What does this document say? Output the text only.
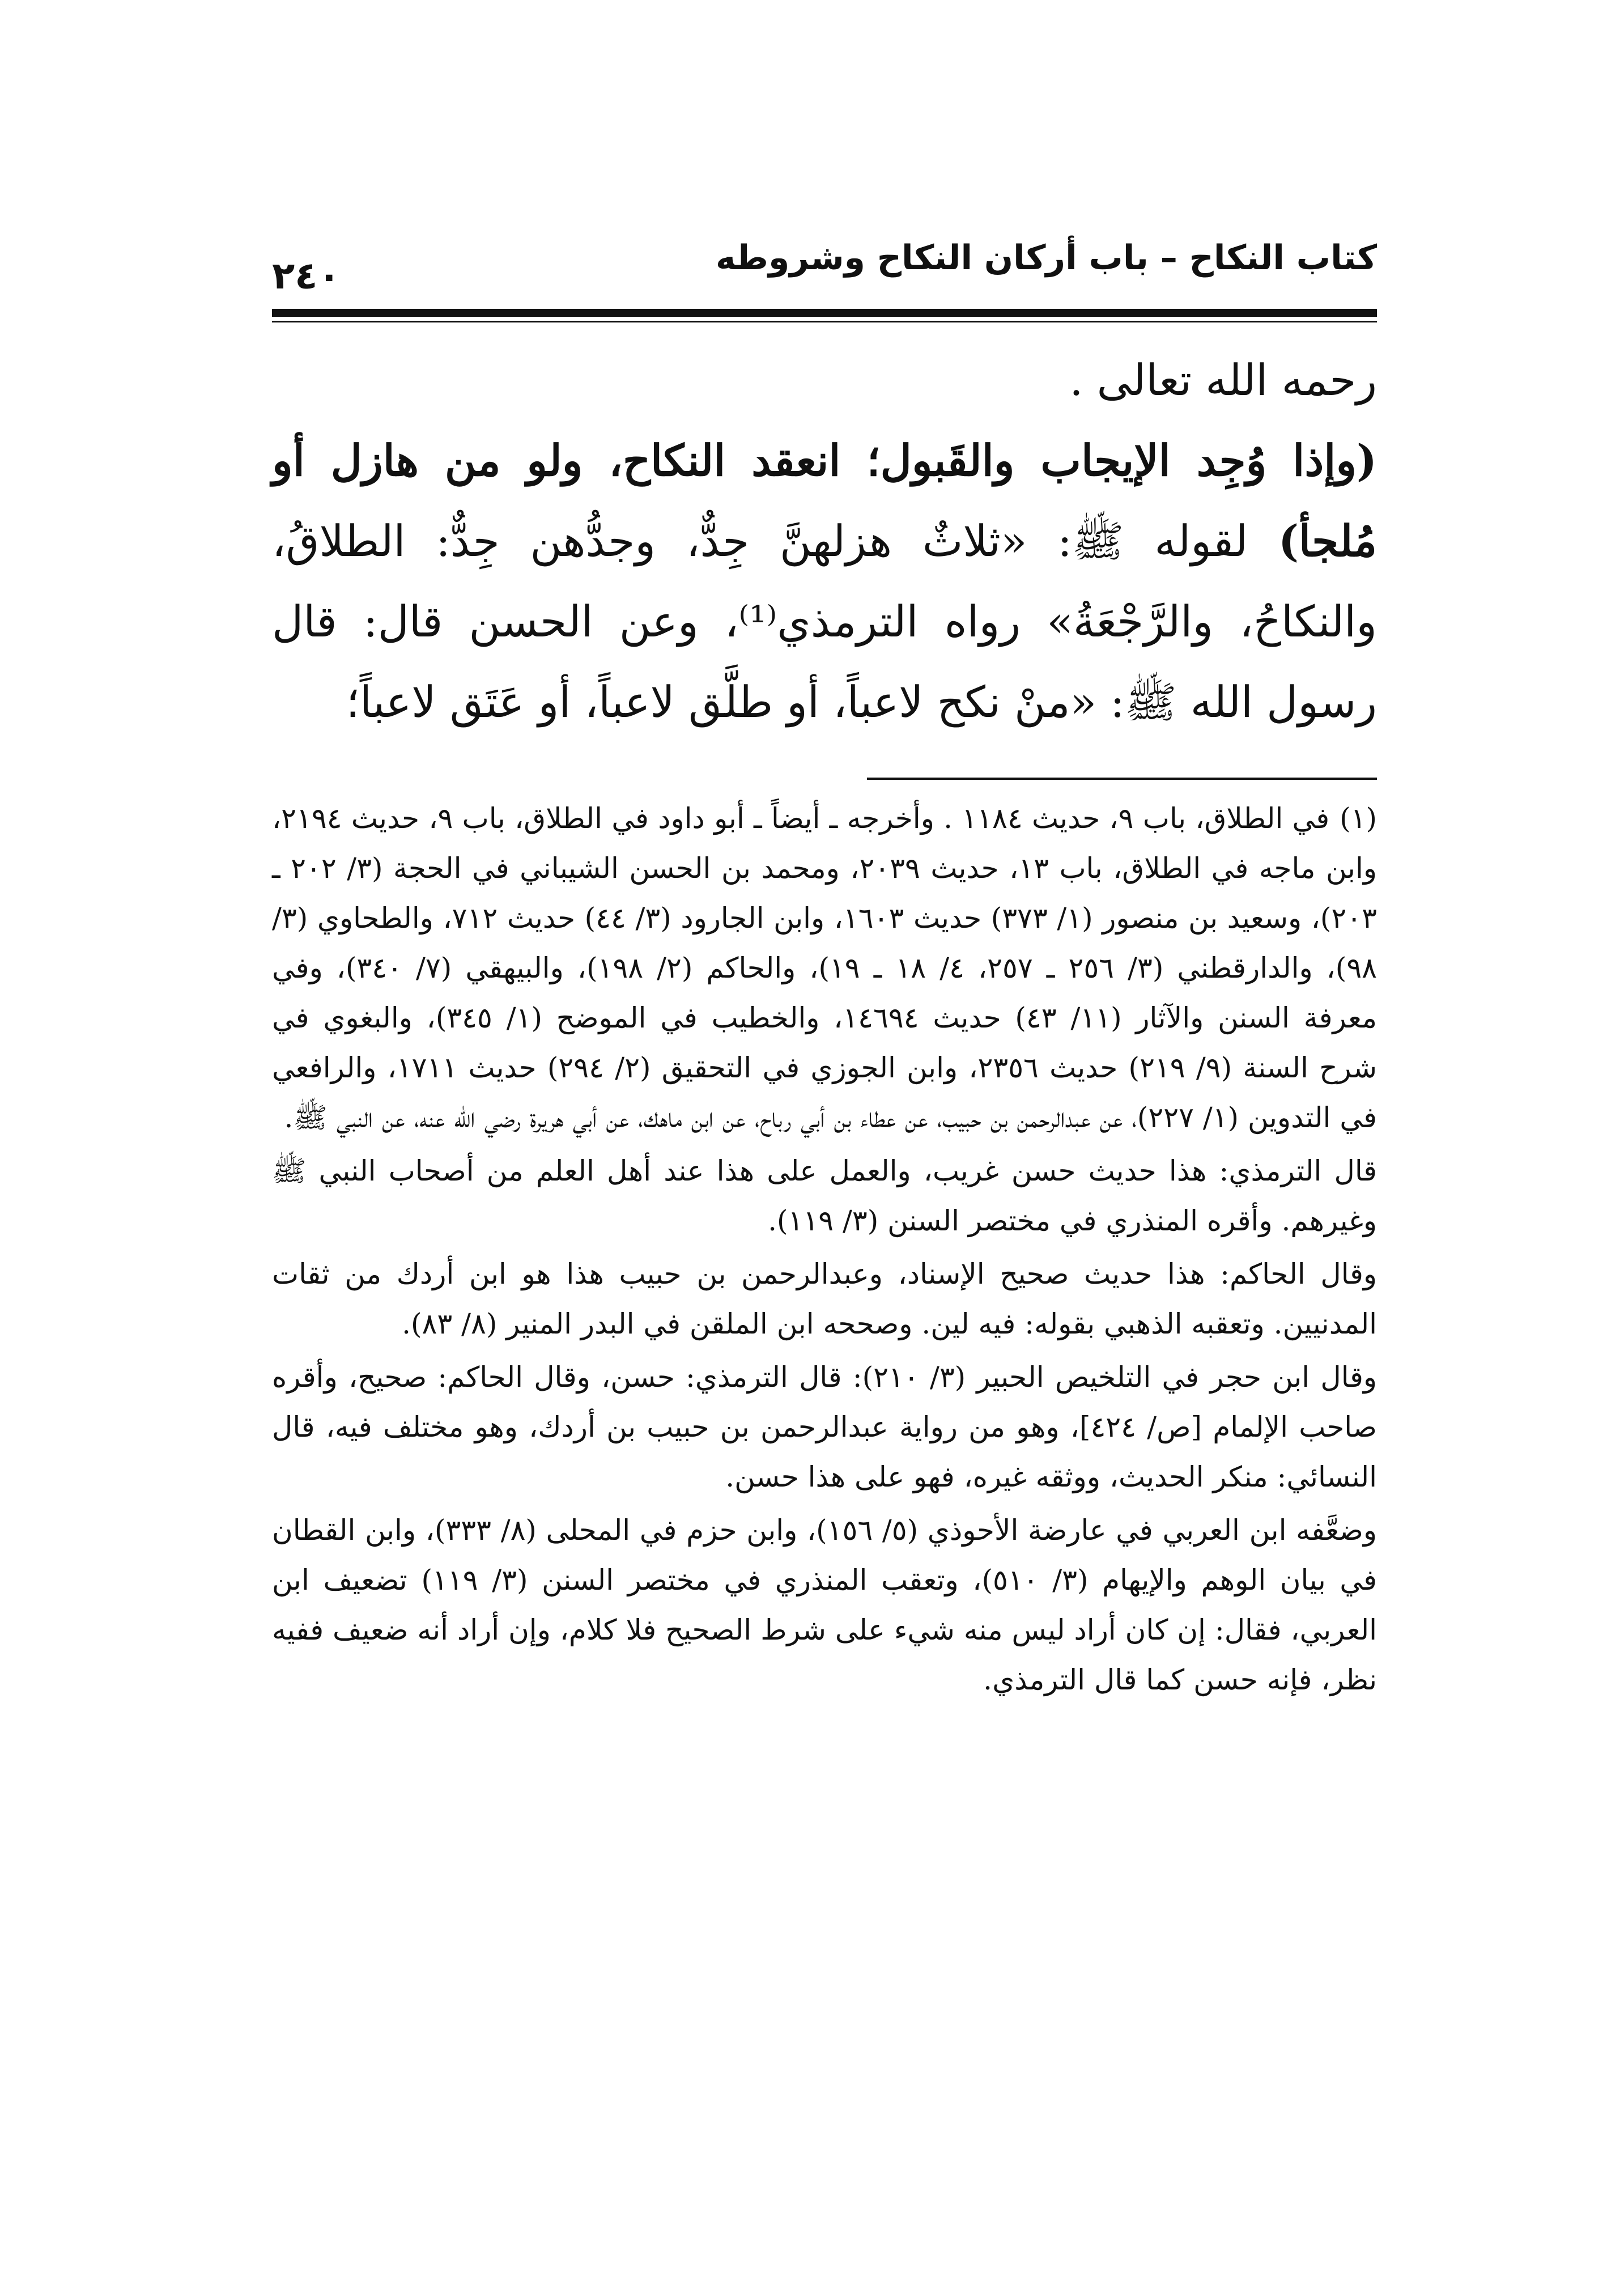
كتاب النكاح – باب أركان النكاح وشروطه
٢٤٠

رحمه الله تعالى .

(وإذا وُجِد الإيجاب والقَبول؛ انعقد النكاح، ولو من هازل أو مُلجأ) لقوله ﷺ: «ثلاثٌ هزلهنَّ جِدٌّ، وجدُّهن جِدٌّ: الطلاقُ، والنكاحُ، والرَّجْعَةُ» رواه الترمذي⁽¹⁾، وعن الحسن قال: قال رسول الله ﷺ: «منْ نكح لاعباً، أو طلَّق لاعباً، أو عَتَق لاعباً؛

(١)في الطلاق، باب ٩، حديث ١١٨٤ . وأخرجه ـ أيضاً ـ أبو داود في الطلاق، باب ٩، حديث ٢١٩٤، وابن ماجه في الطلاق، باب ١٣، حديث ٢٠٣٩، ومحمد بن الحسن الشيباني في الحجة (٣/ ٢٠٢ ـ ٢٠٣)، وسعيد بن منصور (١/ ٣٧٣) حديث ١٦٠٣، وابن الجارود (٣/ ٤٤) حديث ٧١٢، والطحاوي (٣/ ٩٨)، والدارقطني (٣/ ٢٥٦ ـ ٢٥٧، ٤/ ١٨ ـ ١٩)، والحاكم (٢/ ١٩٨)، والبيهقي (٧/ ٣٤٠)، وفي معرفة السنن والآثار (١١/ ٤٣) حديث ١٤٦٩٤، والخطيب في الموضح (١/ ٣٤٥)، والبغوي في شرح السنة (٩/ ٢١٩) حديث ٢٣٥٦، وابن الجوزي في التحقيق (٢/ ٢٩٤) حديث ١٧١١، والرافعي في التدوين (١/ ٢٢٧)، عن عبدالرحمن بن حبيب، عن عطاء بن أبي رباح، عن ابن ماهك، عن أبي هريرة رضي الله عنه، عن النبي ﷺ.

قال الترمذي: هذا حديث حسن غريب، والعمل على هذا عند أهل العلم من أصحاب النبي ﷺ وغيرهم. وأقره المنذري في مختصر السنن (٣/ ١١٩).

وقال الحاكم: هذا حديث صحيح الإسناد، وعبدالرحمن بن حبيب هذا هو ابن أردك من ثقات المدنيين. وتعقبه الذهبي بقوله: فيه لين. وصححه ابن الملقن في البدر المنير (٨/ ٨٣).

وقال ابن حجر في التلخيص الحبير (٣/ ٢١٠): قال الترمذي: حسن، وقال الحاكم: صحيح، وأقره صاحب الإلمام [ص/ ٤٢٤]، وهو من رواية عبدالرحمن بن حبيب بن أردك، وهو مختلف فيه، قال النسائي: منكر الحديث، ووثقه غيره، فهو على هذا حسن.

وضعَّفه ابن العربي في عارضة الأحوذي (٥/ ١٥٦)، وابن حزم في المحلى (٨/ ٣٣٣)، وابن القطان في بيان الوهم والإيهام (٣/ ٥١٠)، وتعقب المنذري في مختصر السنن (٣/ ١١٩) تضعيف ابن العربي، فقال: إن كان أراد ليس منه شيء على شرط الصحيح فلا كلام، وإن أراد أنه ضعيف ففيه نظر، فإنه حسن كما قال الترمذي.
